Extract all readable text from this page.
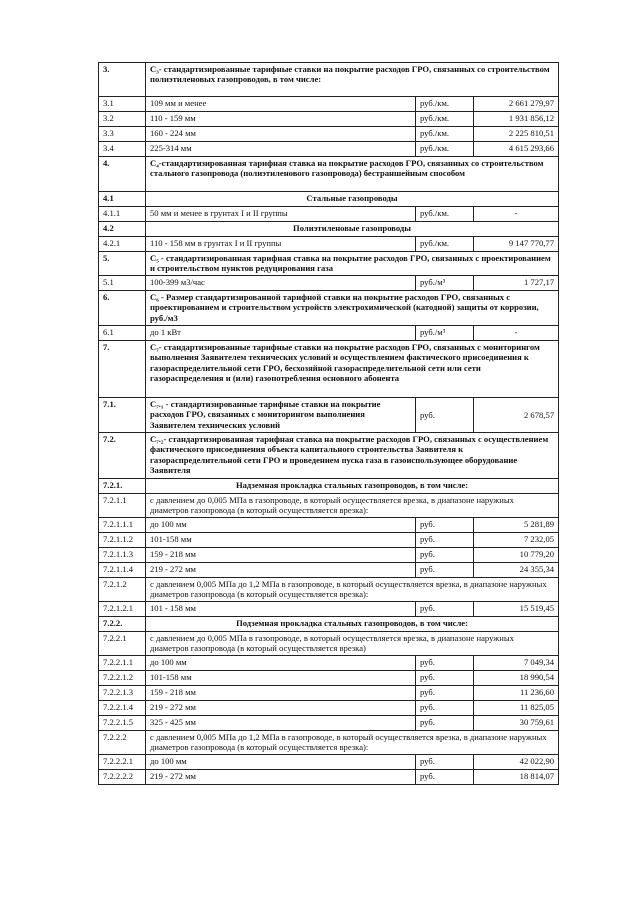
3.	С₃- стандартизированные тарифные ставки на покрытие расходов ГРО, связанных со строительством полиэтиленовых газопроводов, в том числе:		
3.1	109 мм и менее	руб./км.	2 661 279,97
3.2	110 - 159 мм	руб./км.	1 931 856,12
3.3	160 - 224 мм	руб./км.	2 225 810,51
3.4	225-314 мм	руб./км.	4 615 293,66
4.	С₄-стандартизированная тарифная ставка на покрытие расходов ГРО, связанных со строительством стального газопровода (полиэтиленового газопровода) бестраншейным способом		
4.1	Стальные газопроводы		
4.1.1	50 мм и менее в грунтах I и II группы	руб./км.	-
4.2	Полиэтиленовые газопроводы		
4.2.1	110 - 158 мм в грунтах I и II группы	руб./км.	9 147 770,77
5.	С₅ - стандартизированная тарифная ставка на покрытие расходов ГРО, связанных с проектированием и строительством пунктов редуцирования газа		
5.1	100-399 м3/час	руб./м³	1 727,17
6.	С₆ - Размер стандартизированной тарифной ставки на покрытие расходов ГРО, связанных с проектированием и строительством устройств электрохимической (катодной) защиты от коррозии, руб./м3		
6.1	до 1 кВт	руб./м³	-
7.	С₇- стандартизированные тарифные ставки на покрытие расходов ГРО, связанных с мониторингом выполнения Заявителем технических условий и осуществлением фактического присоединения к газораспределительной сети ГРО, бесхозяйной газораспределительной сети или сети газораспределения и (или) газопотребления основного абонента		
7.1.	С₇.₁ - стандартизированные тарифные ставки на покрытие расходов ГРО, связанных с мониторингом выполнения Заявителем технических условий	руб.	2 678,57
7.2.	С₇.₂- стандартизированная тарифная ставка на покрытие расходов ГРО, связанных с осуществлением фактического присоединения объекта капитального строительства Заявителя к газораспределительной сети ГРО и проведением пуска газа в газоиспользующее оборудование Заявителя		
7.2.1.	Надземная прокладка стальных газопроводов, в том числе:		
7.2.1.1	с давлением до 0,005 МПа в газопроводе, в который осуществляется врезка, в диапазоне наружных диаметров газопровода (в который осуществляется врезка):		
7.2.1.1.1	до 100 мм	руб.	5 281,89
7.2.1.1.2	101-158 мм	руб.	7 232,05
7.2.1.1.3	159 - 218 мм	руб.	10 779,20
7.2.1.1.4	219 - 272 мм	руб.	24 355,34
7.2.1.2	с давлением 0,005 МПа до 1,2 МПа в газопроводе, в который осуществляется врезка, в диапазоне наружных диаметров газопровода (в который осуществляется врезка):		
7.2.1.2.1	101 - 158 мм	руб.	15 519,45
7.2.2.	Подземная прокладка стальных газопроводов, в том числе:		
7.2.2.1	с давлением до 0,005 МПа в газопроводе, в который осуществляется врезка, в диапазоне наружных диаметров газопровода (в который осуществляется врезка)		
7.2.2.1.1	до 100 мм	руб.	7 049,34
7.2.2.1.2	101-158 мм	руб.	18 990,54
7.2.2.1.3	159 - 218 мм	руб.	11 236,60
7.2.2.1.4	219 - 272 мм	руб.	11 825,05
7.2.2.1.5	325 - 425 мм	руб.	30 759,61
7.2.2.2	с давлением 0,005 МПа до 1,2 МПа в газопроводе, в который осуществляется врезка, в диапазоне наружных диаметров газопровода (в который осуществляется врезка):		
7.2.2.2.1	до 100 мм	руб.	42 022,90
7.2.2.2.2	219 - 272 мм	руб.	18 814,07
